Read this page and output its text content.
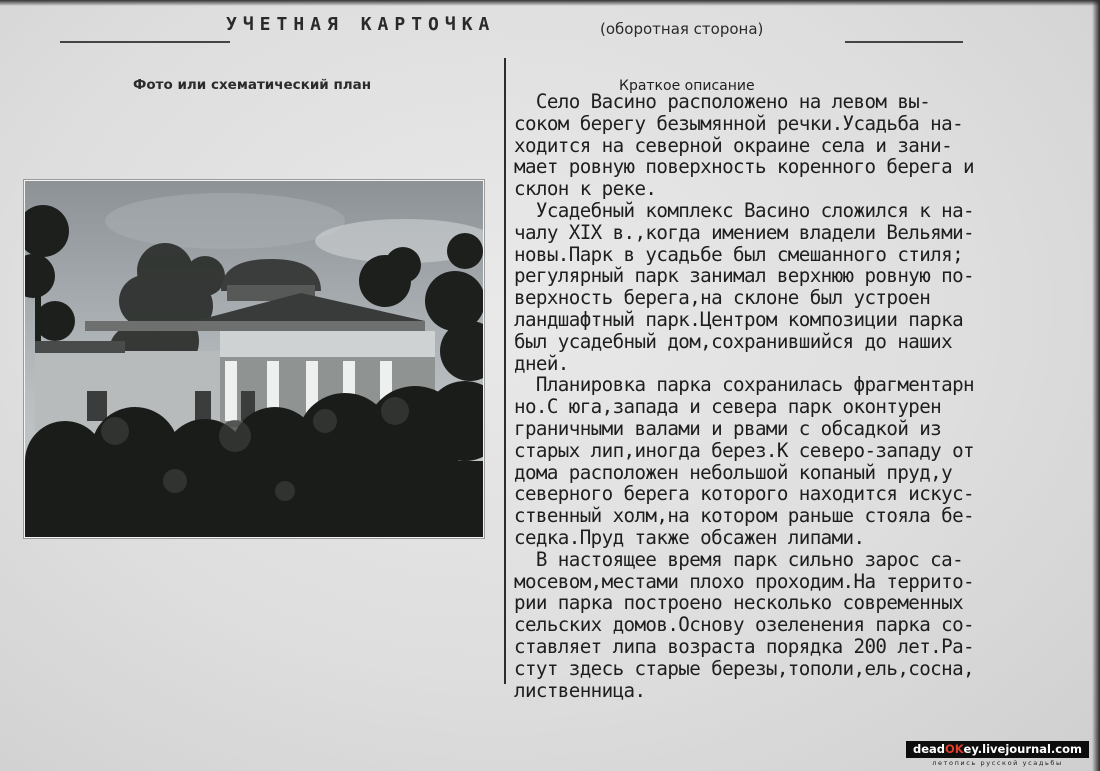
УЧЕТНАЯ КАРТОЧКА	(оборотная сторона)
Фото или схематический план	Краткое описание
Село Васино расположено на левом вы-
соком берегу безымянной речки.Усадьба на-
ходится на северной окраине села и зани-
мает ровную поверхность коренного берега и
склон к реке.
Усадебный комплекс Васино сложился к на-
чалу XIX в.,когда имением владели Вельями-
новы.Парк в усадьбе был смешанного стиля;
регулярный парк занимал верхнюю ровную по-
верхность берега,на склоне был устроен
ландшафтный парк.Центром композиции парка
был усадебный дом,сохранившийся до наших
дней.
Планировка парка сохранилась фрагментарн
но.С юга,запада и севера парк оконтурен
граничными валами и рвами с обсадкой из
старых лип,иногда берез.К северо-западу от
дома расположен небольшой копаный пруд,у
северного берега которого находится искус-
ственный холм,на котором раньше стояла бе-
седка.Пруд также обсажен липами.
В настоящее время парк сильно зарос са-
мосевом,местами плохо проходим.На террито-
рии парка построено несколько современных
сельских домов.Основу озеленения парка со-
ставляет липа возраста порядка 200 лет.Ра-
стут здесь старые березы,тополи,ель,сосна,
лиственница.
deadOKey.livejournal.com
летопись русской усадьбы
